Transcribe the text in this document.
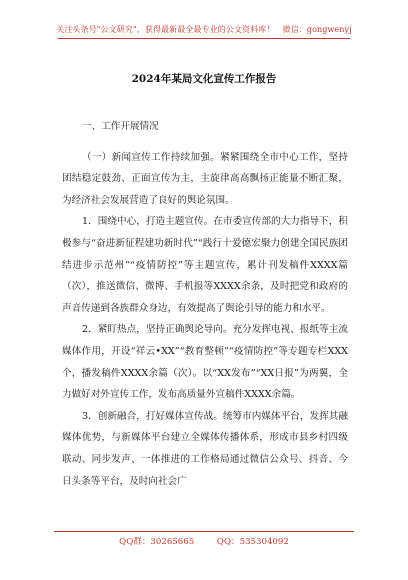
关注头条号"公文研究"，获得最新最全最专业的公文资料库！　微信：gongwenyj
2024年某局文化宣传工作报告

一、工作开展情况

（一）新闻宣传工作持续加强。紧紧围绕全市中心工作，坚持团结稳定鼓劲、正面宣传为主，主旋律高高飘扬正能量不断汇聚，为经济社会发展营造了良好的舆论氛围。

1．围绕中心，打造主题宣传。在市委宣传部的大力指导下，积极参与“奋进新征程建功新时代”“践行十爱德宏聚力创建全国民族团结进步示范州”“疫情防控”等主题宣传，累计刊发稿件XXXX篇（次），推送微信、微博、手机报等XXXX余条，及时把党和政府的声音传递到各族群众身边，有效提高了舆论引导的能力和水平。

2．紧盯热点，坚持正确舆论导向。充分发挥电视、报纸等主流媒体作用，开设“祥云•XX”“教育整顿”“疫情防控”等专题专栏XXX个，播发稿件XXXX余篇（次）。以“XX发布”“XX日报”为两翼，全力做好对外宣传工作，发布高质量外宣稿件XXXX余篇。

3．创新融合，打好媒体宣传战。统筹市内媒体平台，发挥其融媒体优势，与新媒体平台建立全媒体传播体系，形成市县乡村四级联动、同步发声、一体推进的工作格局通过微信公众号、抖音、今日头条等平台，及时向社会广

QQ群：30265665	QQ：535304092
